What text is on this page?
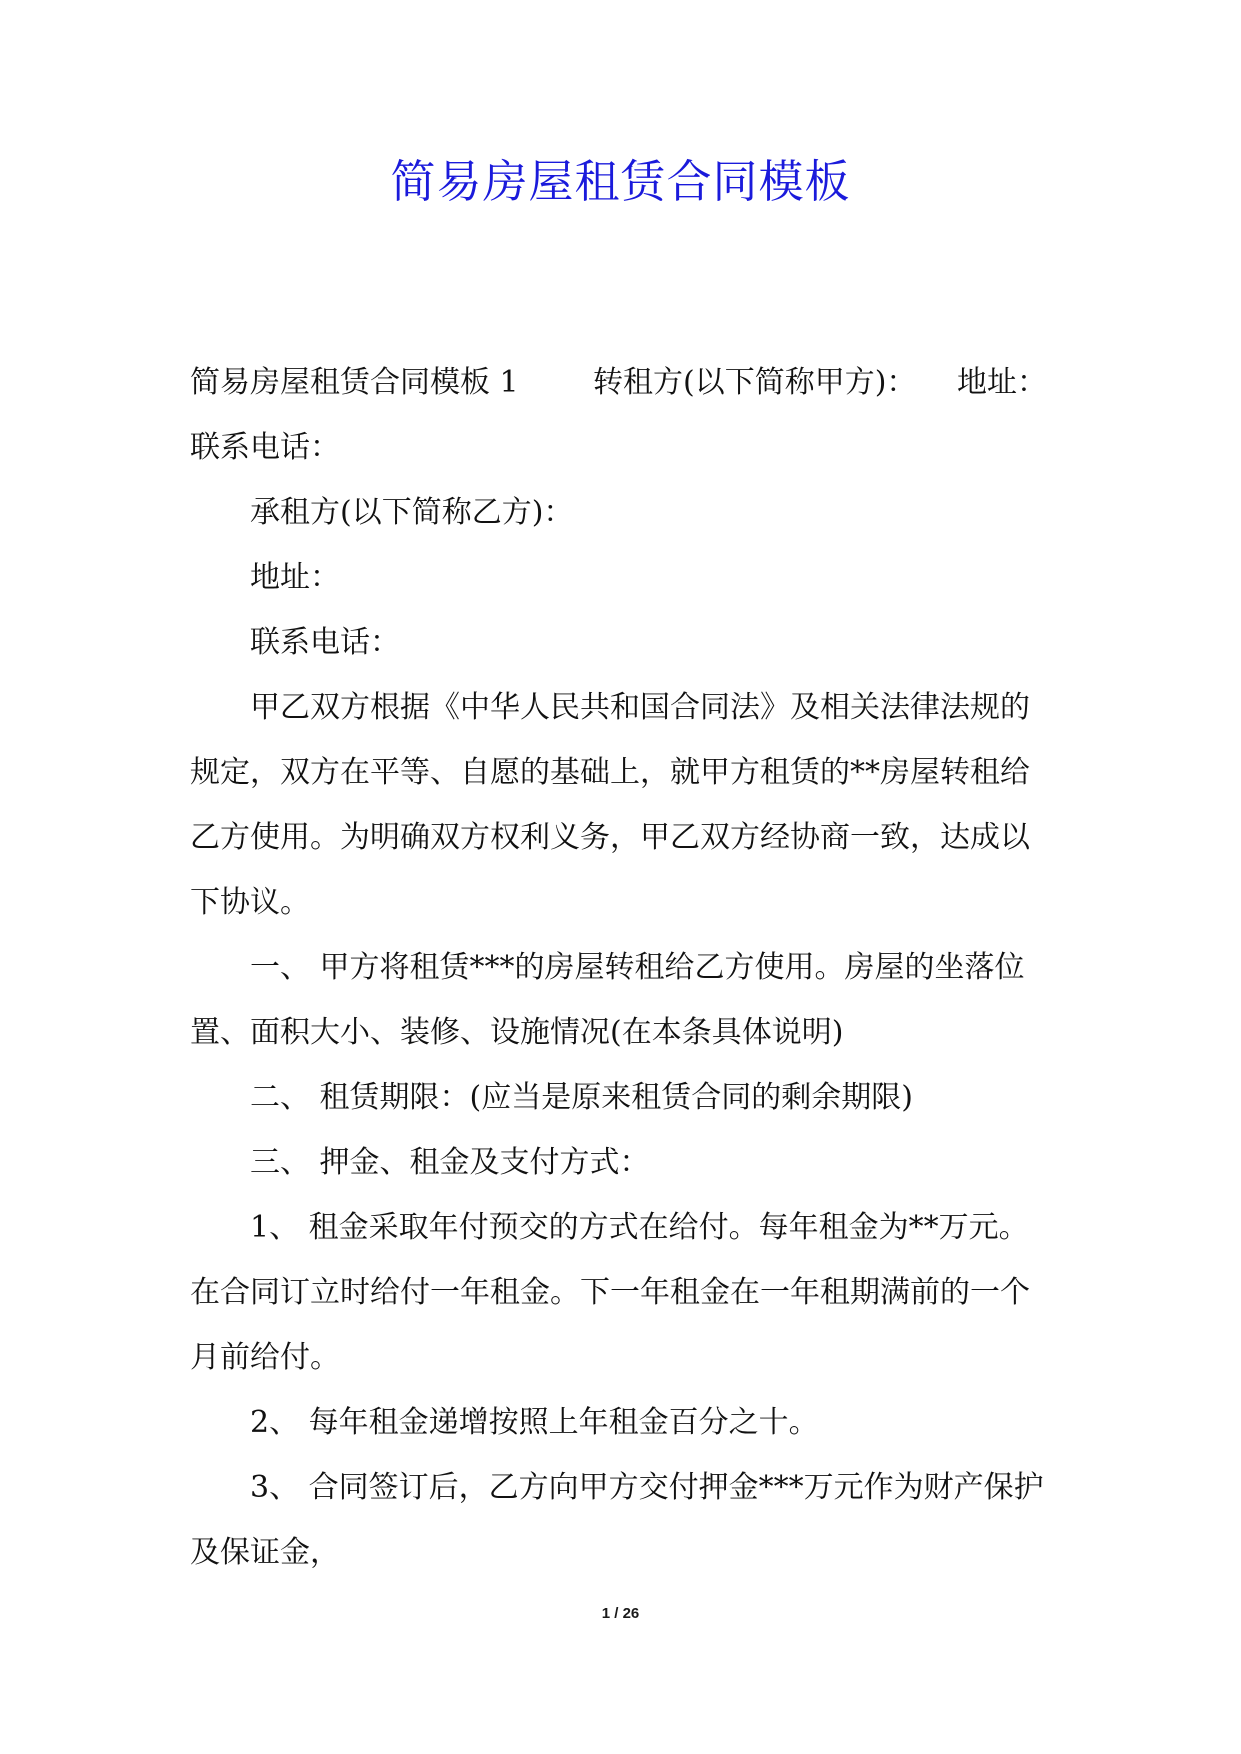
简易房屋租赁合同模板
简易房屋租赁合同模板 1	转租方(以下简称甲方)：	地址：

联系电话：

承租方(以下简称乙方)：

地址：

联系电话：

甲乙双方根据《中华人民共和国合同法》及相关法律法规的规定，双方在平等、自愿的基础上，就甲方租赁的**房屋转租给乙方使用。为明确双方权利义务，甲乙双方经协商一致，达成以下协议。

一、 甲方将租赁***的房屋转租给乙方使用。房屋的坐落位置、面积大小、装修、设施情况(在本条具体说明)

二、 租赁期限：(应当是原来租赁合同的剩余期限)

三、 押金、租金及支付方式：

1、 租金采取年付预交的方式在给付。每年租金为**万元。在合同订立时给付一年租金。下一年租金在一年租期满前的一个月前给付。

2、 每年租金递增按照上年租金百分之十。

3、 合同签订后，乙方向甲方交付押金***万元作为财产保护及保证金，

1 / 26
